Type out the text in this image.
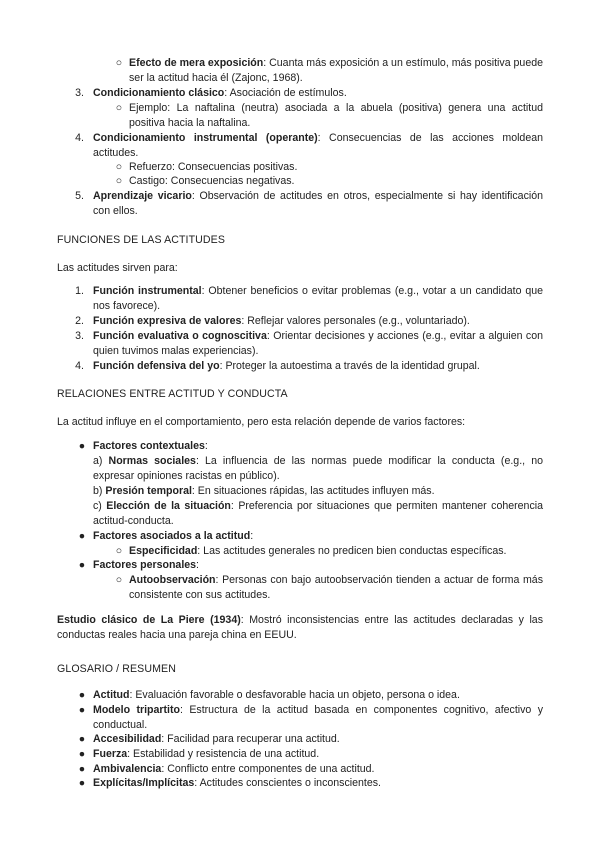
○ Efecto de mera exposición: Cuanta más exposición a un estímulo, más positiva puede ser la actitud hacia él (Zajonc, 1968).
3. Condicionamiento clásico: Asociación de estímulos.
○ Ejemplo: La naftalina (neutra) asociada a la abuela (positiva) genera una actitud positiva hacia la naftalina.
4. Condicionamiento instrumental (operante): Consecuencias de las acciones moldean actitudes.
○ Refuerzo: Consecuencias positivas.
○ Castigo: Consecuencias negativas.
5. Aprendizaje vicario: Observación de actitudes en otros, especialmente si hay identificación con ellos.
FUNCIONES DE LAS ACTITUDES
Las actitudes sirven para:
1. Función instrumental: Obtener beneficios o evitar problemas (e.g., votar a un candidato que nos favorece).
2. Función expresiva de valores: Reflejar valores personales (e.g., voluntariado).
3. Función evaluativa o cognoscitiva: Orientar decisiones y acciones (e.g., evitar a alguien con quien tuvimos malas experiencias).
4. Función defensiva del yo: Proteger la autoestima a través de la identidad grupal.
RELACIONES ENTRE ACTITUD Y CONDUCTA
La actitud influye en el comportamiento, pero esta relación depende de varios factores:
● Factores contextuales:
a) Normas sociales: La influencia de las normas puede modificar la conducta (e.g., no expresar opiniones racistas en público).
b) Presión temporal: En situaciones rápidas, las actitudes influyen más.
c) Elección de la situación: Preferencia por situaciones que permiten mantener coherencia actitud-conducta.
● Factores asociados a la actitud:
○ Especificidad: Las actitudes generales no predicen bien conductas específicas.
● Factores personales:
○ Autoobservación: Personas con bajo autoobservación tienden a actuar de forma más consistente con sus actitudes.
Estudio clásico de La Piere (1934): Mostró inconsistencias entre las actitudes declaradas y las conductas reales hacia una pareja china en EEUU.
GLOSARIO / RESUMEN
● Actitud: Evaluación favorable o desfavorable hacia un objeto, persona o idea.
● Modelo tripartito: Estructura de la actitud basada en componentes cognitivo, afectivo y conductual.
● Accesibilidad: Facilidad para recuperar una actitud.
● Fuerza: Estabilidad y resistencia de una actitud.
● Ambivalencia: Conflicto entre componentes de una actitud.
● Explícitas/Implícitas: Actitudes conscientes o inconscientes.
